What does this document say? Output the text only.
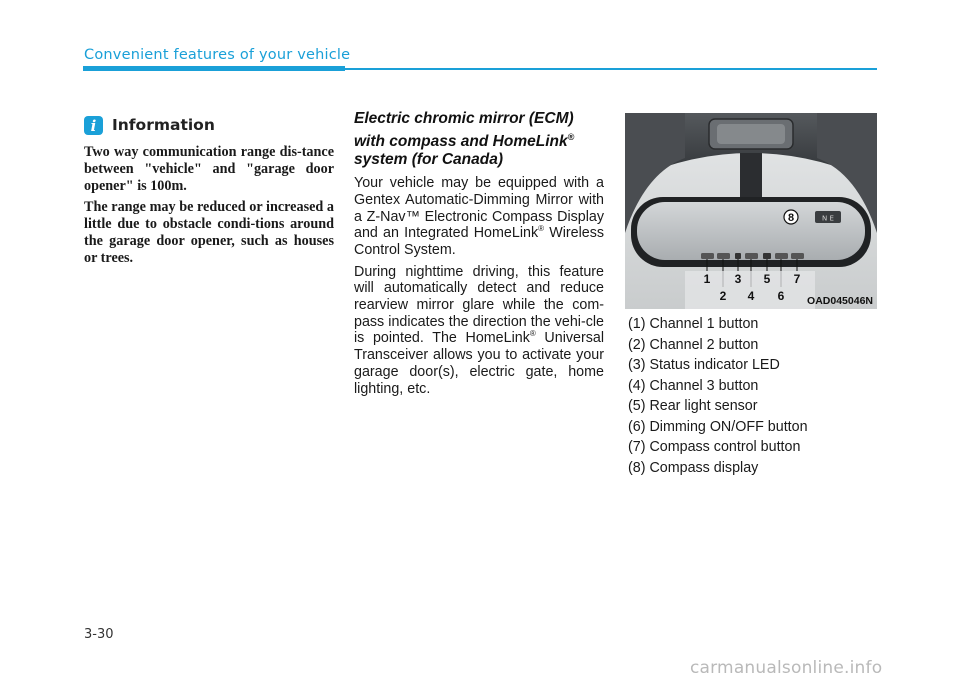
Convenient features of your vehicle
i	Information

Two way communication range dis-tance between "vehicle" and "garage door opener" is 100m.

The range may be reduced or increased a little due to obstacle condi-tions around the garage door opener, such as houses or trees.

Electric chromic mirror (ECM)
with compass and HomeLink®
system (for Canada)

Your vehicle may be equipped with a Gentex Automatic-Dimming Mirror with a Z-Nav™ Electronic Compass Display and an Integrated HomeLink® Wireless Control System.

During nighttime driving, this feature will automatically detect and reduce rearview mirror glare while the com-pass indicates the direction the vehi-cle is pointed. The HomeLink® Universal Transceiver allows you to activate your garage door(s), electric gate, home lighting, etc.

N E
8
1
2
3
4
5
6
7
OAD045046N
(1) Channel 1 button
(2) Channel 2 button
(3) Status indicator LED
(4) Channel 3 button
(5) Rear light sensor
(6) Dimming ON/OFF button
(7) Compass control button
(8) Compass display
3-30
carmanualsonline.info
